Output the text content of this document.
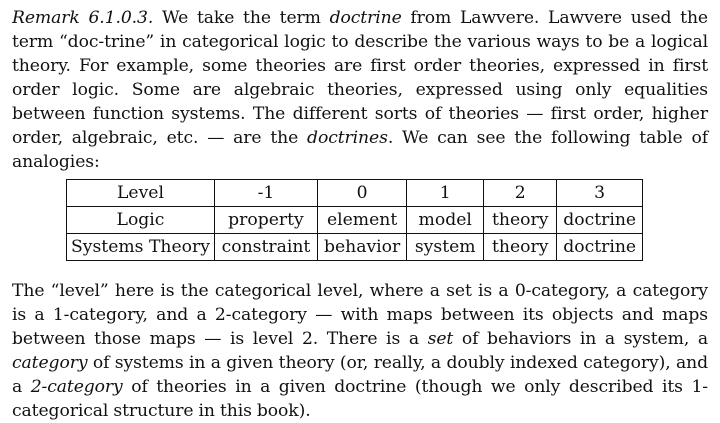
Remark 6.1.0.3. We take the term doctrine from Lawvere. Lawvere used the term “doc-trine” in categorical logic to describe the various ways to be a logical theory. For example, some theories are first order theories, expressed in first order logic. Some are algebraic theories, expressed using only equalities between function systems. The different sorts of theories — first order, higher order, algebraic, etc. — are the doctrines. We can see the following table of analogies:

Level	-1	0	1	2	3
Logic	property	element	model	theory	doctrine
Systems Theory	constraint	behavior	system	theory	doctrine

The “level” here is the categorical level, where a set is a 0-category, a category is a 1-category, and a 2-category — with maps between its objects and maps between those maps — is level 2. There is a set of behaviors in a system, a category of systems in a given theory (or, really, a doubly indexed category), and a 2-category of theories in a given doctrine (though we only described its 1-categorical structure in this book).
